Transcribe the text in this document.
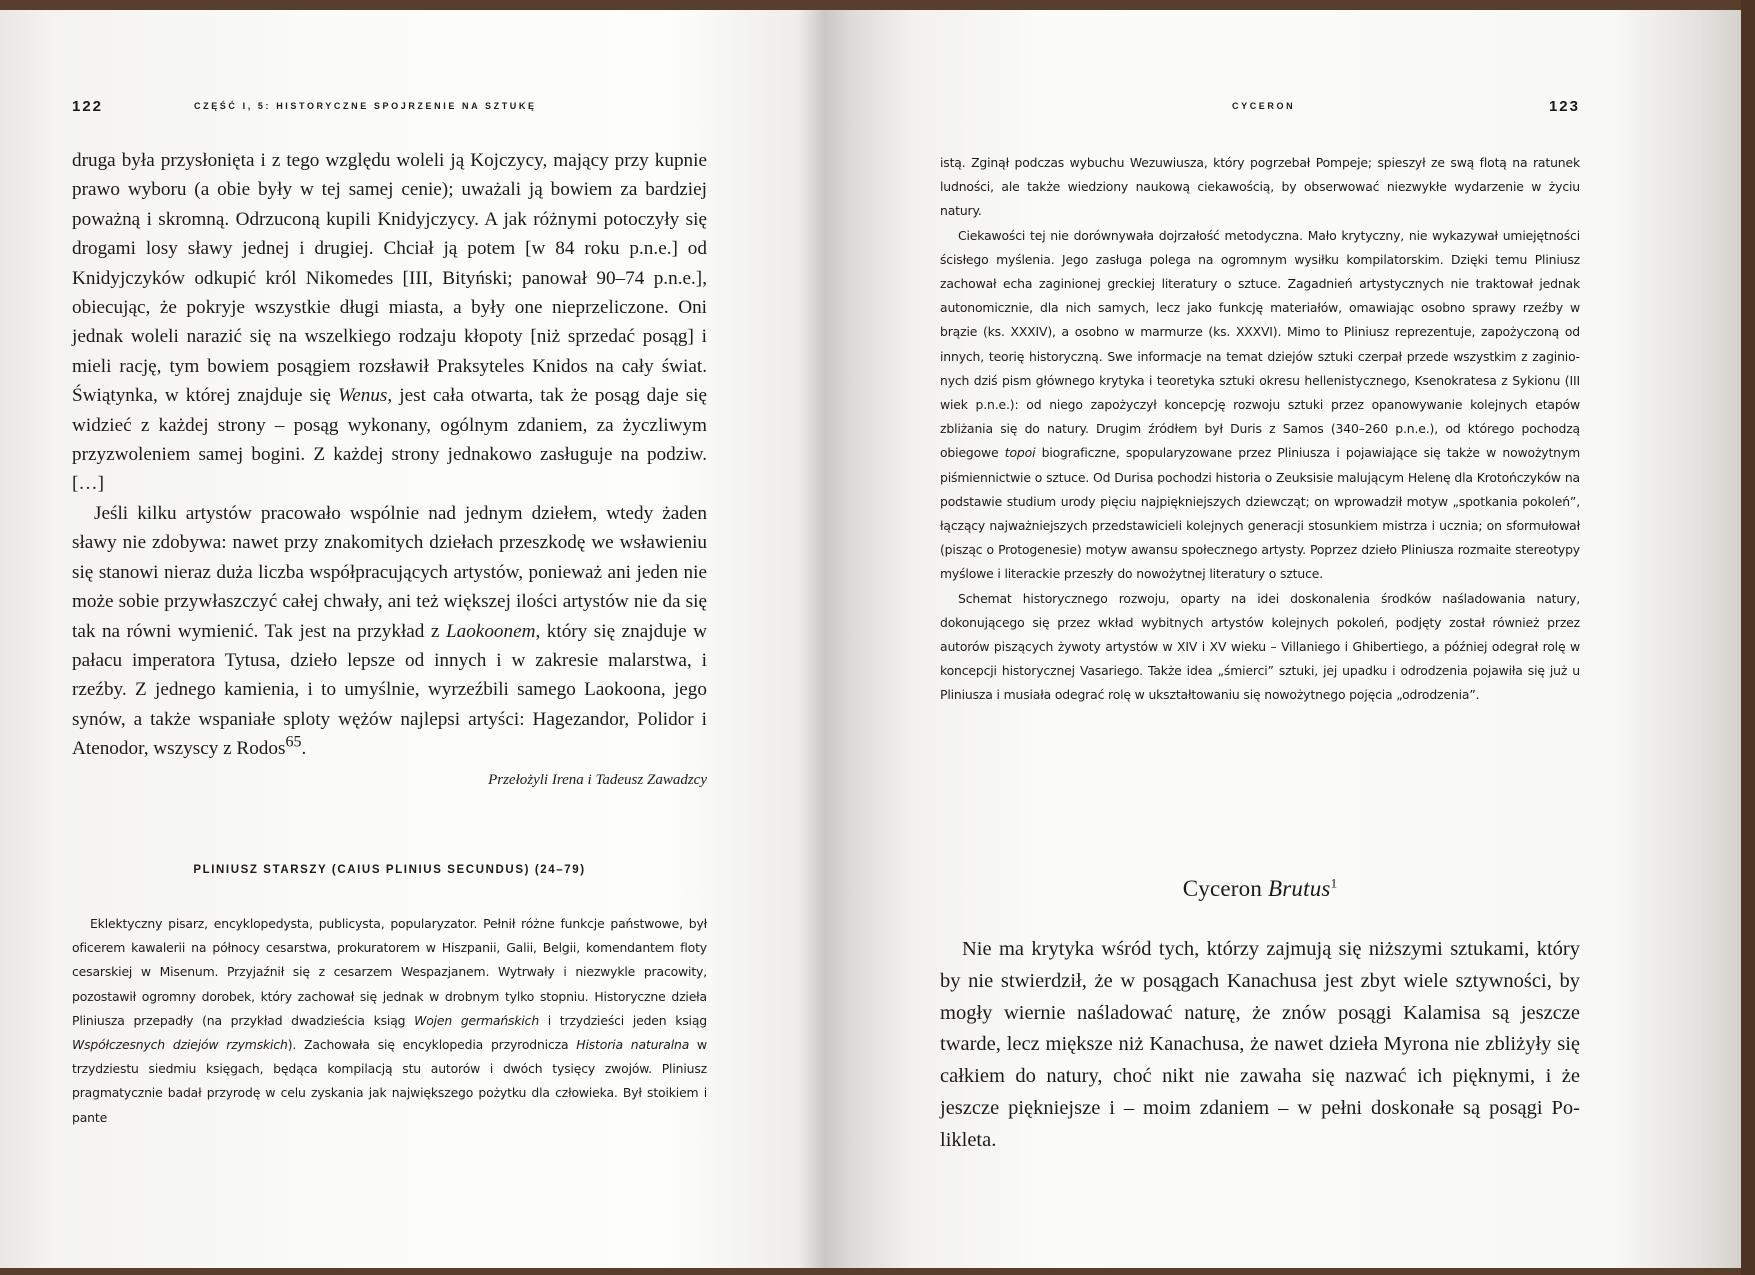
122	CZĘŚĆ I, 5: HISTORYCZNE SPOJRZENIE NA SZTUKĘ

druga była przysłonięta i z tego względu woleli ją Kojczycy, mający przy kupnie prawo wyboru (a obie były w tej samej cenie); uważali ją bowiem za bardziej poważną i skromną. Odrzuconą kupili Knidyjczycy. A jak różnymi potoczyły się drogami losy sławy jednej i drugiej. Chciał ją potem [w 84 roku p.n.e.] od Knidyjczyków odkupić król Nikomedes [III, Bityński; panował 90–74 p.n.e.], obiecując, że pokryje wszystkie długi miasta, a były one nieprzeliczone. Oni jednak woleli narazić się na wszelkiego rodzaju kłopoty [niż sprzedać posąg] i mieli rację, tym bowiem posągiem rozsławił Praksyteles Knidos na cały świat. Świątynka, w której znajduje się Wenus, jest cała otwarta, tak że posąg daje się widzieć z każdej strony – posąg wykonany, ogólnym zdaniem, za życzliwym przyzwoleniem samej bogini. Z każdej strony jednakowo zasługuje na podziw. […]

Jeśli kilku artystów pracowało wspólnie nad jednym dziełem, wtedy żaden sławy nie zdobywa: nawet przy znakomitych dziełach przeszkodę we wsławieniu się stanowi nieraz duża liczba współpracujących artystów, ponieważ ani jeden nie może sobie przywłaszczyć całej chwały, ani też większej ilości artystów nie da się tak na równi wymienić. Tak jest na przykład z Laokoonem, który się znajduje w pałacu imperatora Tytusa, dzieło lepsze od innych i w zakresie malarstwa, i rzeźby. Z jednego kamienia, i to umyślnie, wyrzeźbili samego Laokoona, jego synów, a także wspaniałe sploty wężów najlepsi artyści: Hagezandor, Polidor i Atenodor, wszyscy z Rodos$^{65}$.

Przełożyli Irena i Tadeusz Zawadzcy
PLINIUSZ STARSZY (CAIUS PLINIUS SECUNDUS) (24–79)

Eklektyczny pisarz, encyklopedysta, publicysta, popularyzator. Pełnił różne funkcje państwowe, był oficerem kawalerii na północy cesarstwa, prokuratorem w Hiszpanii, Galii, Belgii, komendantem floty cesarskiej w Misenum. Przyjaźnił się z cesarzem Wespazjanem. Wytrwały i niezwykle pracowity, pozostawił ogromny dorobek, który zachował się jednak w drobnym tylko stopniu. Historyczne dzieła Pliniusza przepadły (na przykład dwadzieścia ksiąg Wojen germańskich i trzydzieści jeden ksiąg Współczesnych dziejów rzymskich). Zachowała się encyklopedia przyrodnicza Historia naturalna w trzydziestu siedmiu księgach, będąca kompilacją stu autorów i dwóch tysięcy zwojów. Pliniusz pragmatycznie badał przyrodę w celu zyskania jak największego pożytku dla człowieka. Był stoikiem i pante

CYCERON	123

istą. Zginął podczas wybuchu Wezuwiusza, który pogrzebał Pompeje; spieszył ze swą flotą na ratunek ludności, ale także wiedziony naukową ciekawością, by obserwować niezwykłe wydarzenie w życiu natury.

Ciekawości tej nie dorównywała dojrzałość metodyczna. Mało krytyczny, nie wykazywał umiejętności ścisłego myślenia. Jego zasługa polega na ogromnym wysiłku kompilatorskim. Dzięki temu Pliniusz zachował echa zaginionej greckiej literatury o sztuce. Zagadnień artystycznych nie traktował jednak autonomicznie, dla nich samych, lecz jako funkcję materiałów, omawiając osobno sprawy rzeźby w brązie (ks. XXXIV), a osobno w marmurze (ks. XXXVI). Mimo to Pliniusz reprezentuje, zapożyczoną od innych, teorię historyczną. Swe informacje na temat dziejów sztuki czerpał przede wszystkim z zaginionych dziś pism głównego krytyka i teoretyka sztuki okresu hellenistycznego, Ksenokratesa z Sykionu (III wiek p.n.e.): od niego zapożyczył koncepcję rozwoju sztuki przez opanowywanie kolejnych etapów zbliżania się do natury. Drugim źródłem był Duris z Samos (340–260 p.n.e.), od którego pochodzą obiegowe topoi biograficzne, spopularyzowane przez Pliniusza i pojawiające się także w nowożytnym piśmiennictwie o sztuce. Od Durisa pochodzi historia o Zeuksisie malującym Helenę dla Krotończyków na podstawie studium urody pięciu najpiękniejszych dziewcząt; on wprowadził motyw „spotkania pokoleń”, łączący najważniejszych przedstawicieli kolejnych generacji stosunkiem mistrza i ucznia; on sformułował (pisząc o Protogenesie) motyw awansu społecznego artysty. Poprzez dzieło Pliniusza rozmaite stereotypy myślowe i literackie przeszły do nowożytnej literatury o sztuce.

Schemat historycznego rozwoju, oparty na idei doskonalenia środków naśladowania natury, dokonującego się przez wkład wybitnych artystów kolejnych pokoleń, podjęty został również przez autorów piszących żywoty artystów w XIV i XV wieku – Villaniego i Ghibertiego, a później odegrał rolę w koncepcji historycznej Vasariego. Także idea „śmierci” sztuki, jej upadku i odrodzenia pojawiła się już u Pliniusza i musiała odegrać rolę w ukształtowaniu się nowożytnego pojęcia „odrodzenia”.

Cyceron Brutus$^1$

Nie ma krytyka wśród tych, którzy zajmują się niższymi sztukami, który by nie stwierdził, że w posągach Kanachusa jest zbyt wiele sztywności, by mogły wiernie naśladować naturę, że znów posągi Kalamisa są jeszcze twarde, lecz miększe niż Kanachusa, że nawet dzieła Myrona nie zbliżyły się całkiem do natury, choć nikt nie zawaha się nazwać ich pięknymi, i że jeszcze piękniejsze i – moim zdaniem – w pełni doskonałe są posągi Polikleta.
